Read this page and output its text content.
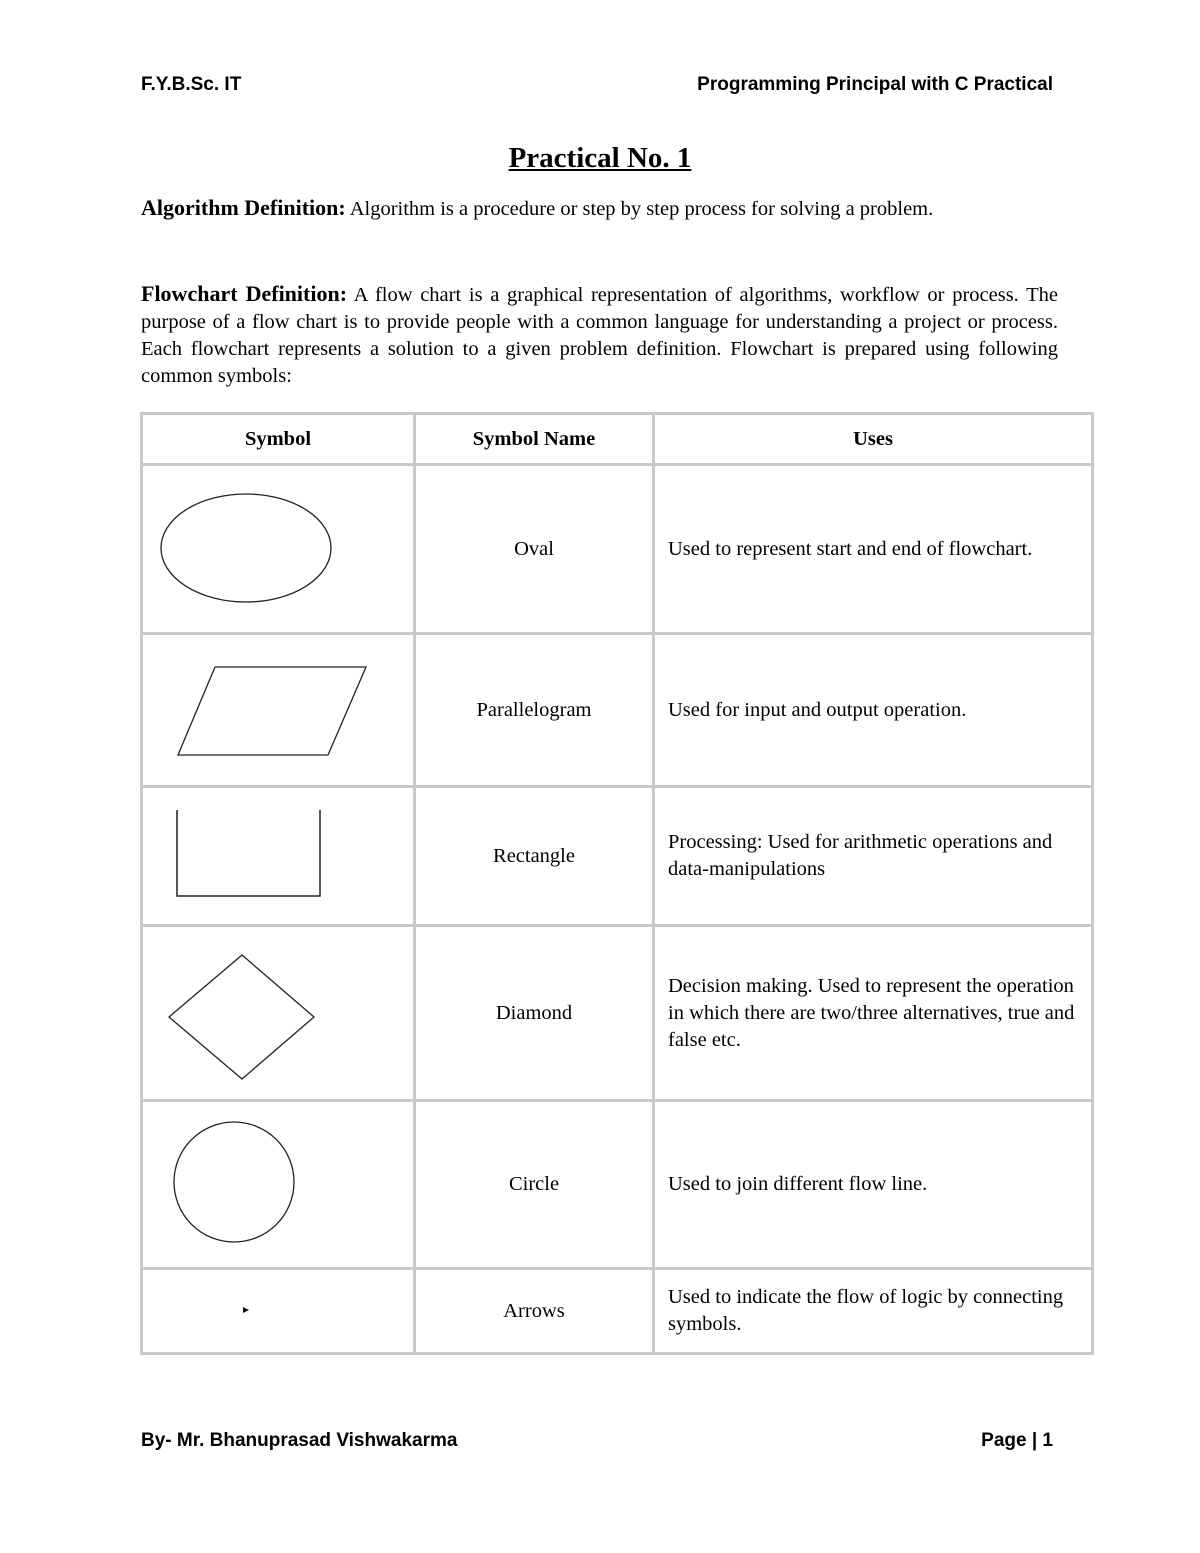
F.Y.B.Sc. IT	Programming Principal with C Practical
Practical No. 1
Algorithm Definition: Algorithm is a procedure or step by step process for solving a problem.
Flowchart Definition: A flow chart is a graphical representation of algorithms, workflow or process. The purpose of a flow chart is to provide people with a common language for understanding a project or process. Each flowchart represents a solution to a given problem definition. Flowchart is prepared using following common symbols:
Symbol	Symbol Name	Uses

	Oval	Used to represent start and end of flowchart.

	Parallelogram	Used for input and output operation.

	Rectangle	Processing: Used for arithmetic operations and data-manipulations

	Diamond	Decision making. Used to represent the operation in which there are two/three alternatives, true and false etc.

	Circle	Used to join different flow line.

	Arrows	Used to indicate the flow of logic by connecting symbols.
By- Mr. Bhanuprasad Vishwakarma	Page | 1
